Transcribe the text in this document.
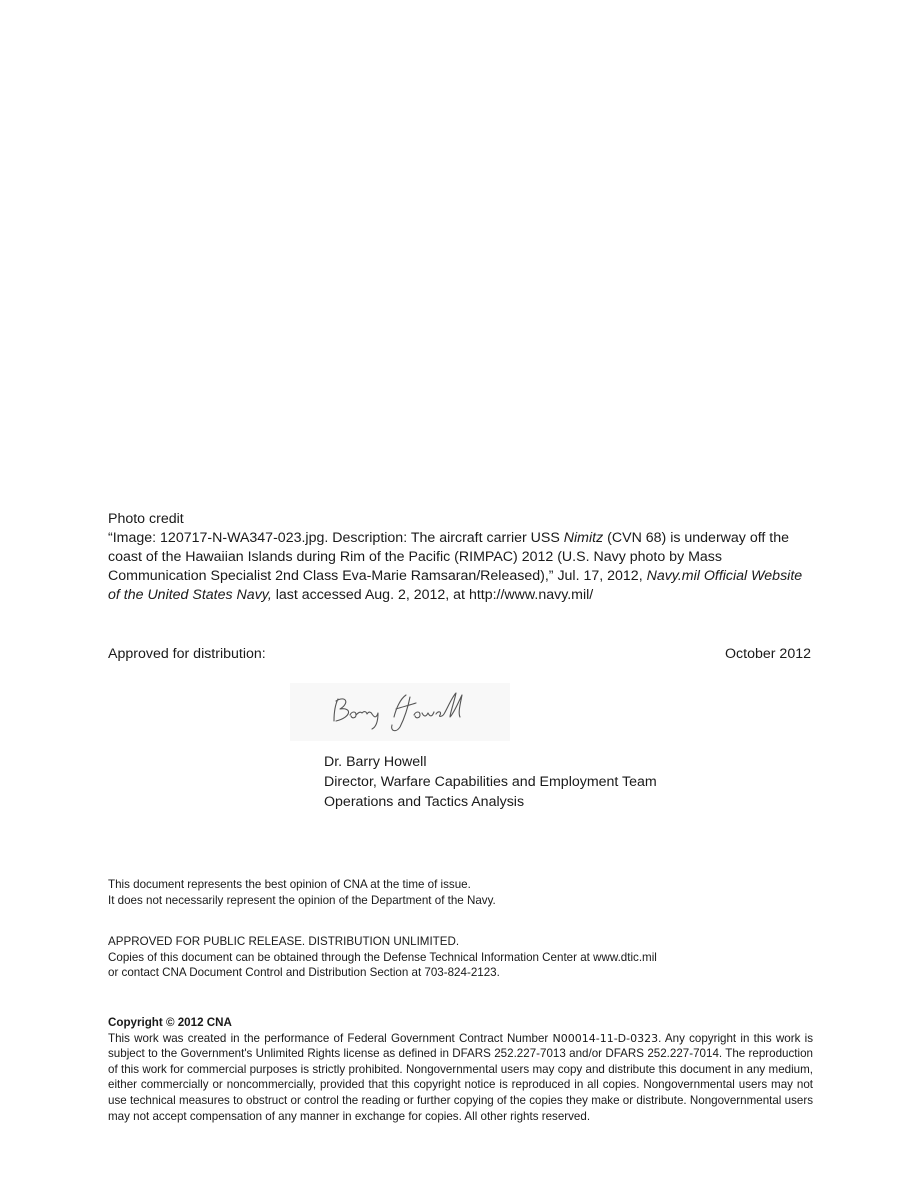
Photo credit

“Image: 120717-N-WA347-023.jpg. Description: The aircraft carrier USS Nimitz (CVN 68) is underway off the coast of the Hawaiian Islands during Rim of the Pacific (RIMPAC) 2012 (U.S. Navy photo by Mass Communication Specialist 2nd Class Eva-Marie Ramsaran/Released),” Jul. 17, 2012, Navy.mil Official Website of the United States Navy, last accessed Aug. 2, 2012, at http://www.navy.mil/

Approved for distribution:	October 2012
Dr. Barry Howell
Director, Warfare Capabilities and Employment Team
Operations and Tactics Analysis
This document represents the best opinion of CNA at the time of issue.
It does not necessarily represent the opinion of the Department of the Navy.
APPROVED FOR PUBLIC RELEASE. DISTRIBUTION UNLIMITED.
Copies of this document can be obtained through the Defense Technical Information Center at www.dtic.mil
or contact CNA Document Control and Distribution Section at 703-824-2123.
Copyright © 2012 CNA
This work was created in the performance of Federal Government Contract Number N00014-11-D-0323. Any copyright in this work is subject to the Government's Unlimited Rights license as defined in DFARS 252.227-7013 and/or DFARS 252.227-7014. The reproduction of this work for commercial purposes is strictly prohibited. Nongovernmental users may copy and distribute this document in any medium, either commercially or noncommercially, provided that this copyright notice is reproduced in all copies. Nongovernmental users may not use technical measures to obstruct or control the reading or further copying of the copies they make or distribute. Nongovernmental users may not accept compensation of any manner in exchange for copies. All other rights reserved.
